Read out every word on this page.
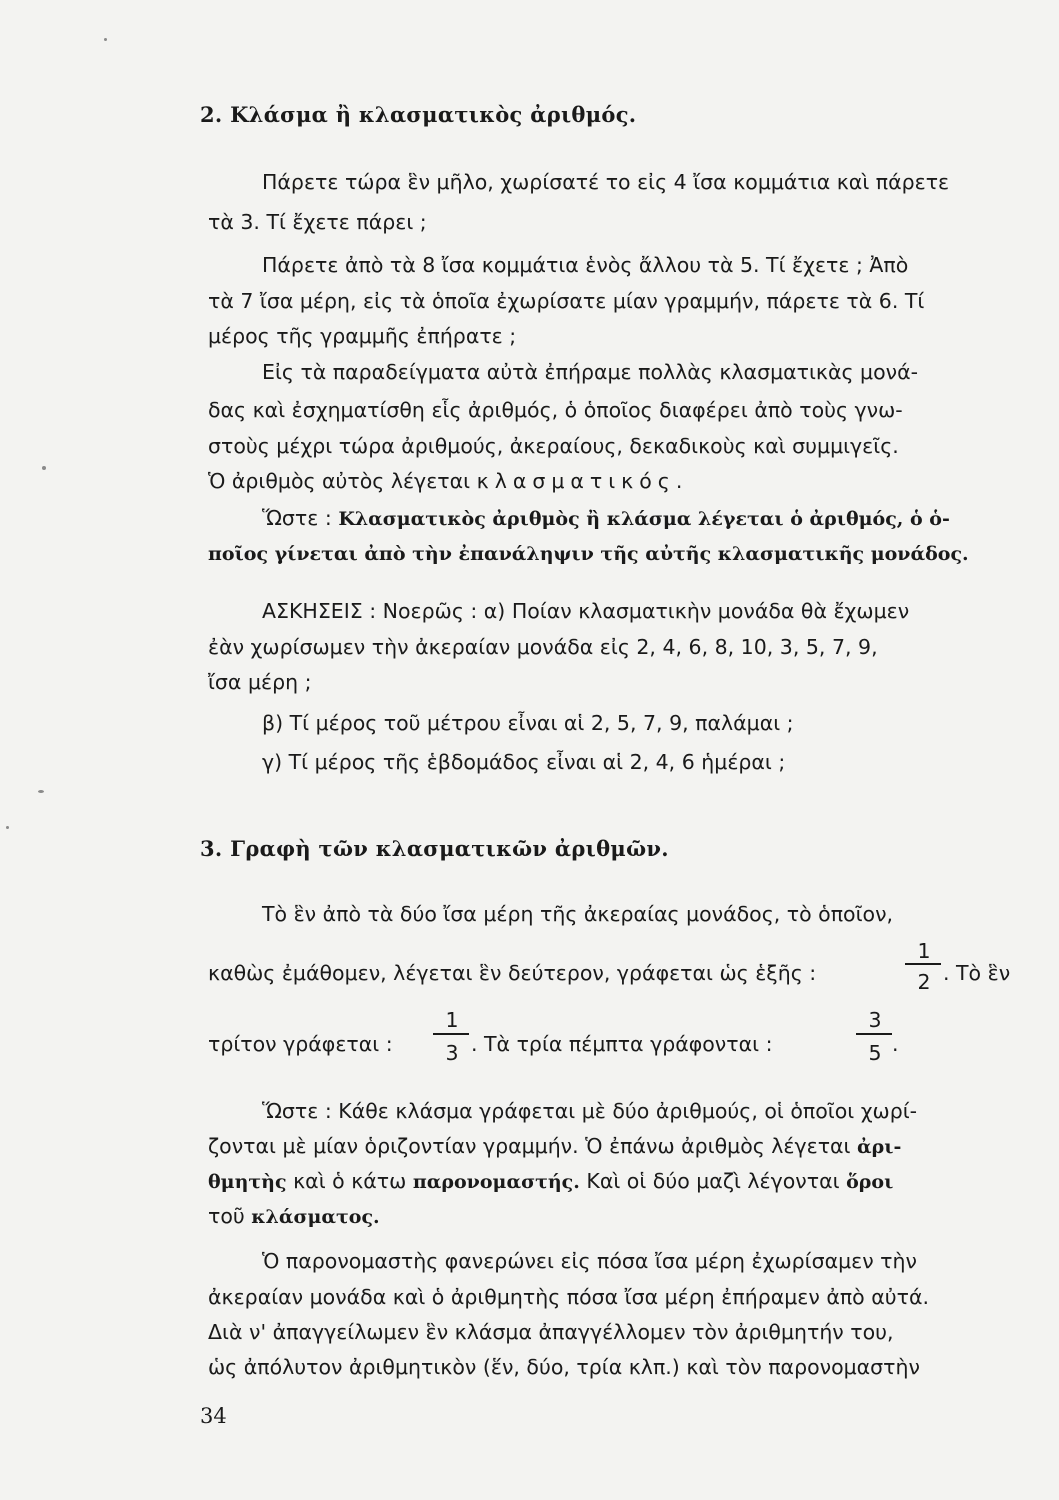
2. Κλάσμα ἢ κλασματικὸς ἀριθμός.
Πάρετε τώρα ἓν μῆλο, χωρίσατέ το εἰς 4 ἴσα κομμάτια καὶ πάρετε
τὰ 3. Τί ἔχετε πάρει ;
Πάρετε ἀπὸ τὰ 8 ἴσα κομμάτια ἑνὸς ἄλλου τὰ 5. Τί ἔχετε ; Ἀπὸ
τὰ 7 ἴσα μέρη, εἰς τὰ ὁποῖα ἐχωρίσατε μίαν γραμμήν, πάρετε τὰ 6. Τί
μέρος τῆς γραμμῆς ἐπήρατε ;
Εἰς τὰ παραδείγματα αὐτὰ ἐπήραμε πολλὰς κλασματικὰς μονά-
δας καὶ ἐσχηματίσθη εἷς ἀριθμός, ὁ ὁποῖος διαφέρει ἀπὸ τοὺς γνω-
στοὺς μέχρι τώρα ἀριθμούς, ἀκεραίους, δεκαδικοὺς καὶ συμμιγεῖς.
Ὁ ἀριθμὸς αὐτὸς λέγεται κλασματικός.
Ὥστε : Κλασματικὸς ἀριθμὸς ἢ κλάσμα λέγεται ὁ ἀριθμός, ὁ ὁ-
ποῖος γίνεται ἀπὸ τὴν ἐπανάληψιν τῆς αὐτῆς κλασματικῆς μονάδος.
ΑΣΚΗΣΕΙΣ : Νοερῶς : α) Ποίαν κλασματικὴν μονάδα θὰ ἔχωμεν
ἐὰν χωρίσωμεν τὴν ἀκεραίαν μονάδα εἰς 2, 4, 6, 8, 10, 3, 5, 7, 9,
ἴσα μέρη ;
β) Τί μέρος τοῦ μέτρου εἶναι αἱ 2, 5, 7, 9, παλάμαι ;
γ) Τί μέρος τῆς ἑβδομάδος εἶναι αἱ 2, 4, 6 ἡμέραι ;
3. Γραφὴ τῶν κλασματικῶν ἀριθμῶν.
Τὸ ἓν ἀπὸ τὰ δύο ἴσα μέρη τῆς ἀκεραίας μονάδος, τὸ ὁποῖον,
καθὼς ἐμάθομεν, λέγεται ἓν δεύτερον, γράφεται ὡς ἑξῆς :
1
2 . Τὸ ἓν
τρίτον γράφεται :
1
3 . Τὰ τρία πέμπτα γράφονται :
3
5 .
Ὥστε : Κάθε κλάσμα γράφεται μὲ δύο ἀριθμούς, οἱ ὁποῖοι χωρί-
ζονται μὲ μίαν ὁριζοντίαν γραμμήν. Ὁ ἐπάνω ἀριθμὸς λέγεται ἀρι-
θμητὴς καὶ ὁ κάτω παρονομαστής. Καὶ οἱ δύο μαζὶ λέγονται ὅροι
τοῦ κλάσματος.
Ὁ παρονομαστὴς φανερώνει εἰς πόσα ἴσα μέρη ἐχωρίσαμεν τὴν
ἀκεραίαν μονάδα καὶ ὁ ἀριθμητὴς πόσα ἴσα μέρη ἐπήραμεν ἀπὸ αὐτά.
Διὰ ν' ἀπαγγείλωμεν ἓν κλάσμα ἀπαγγέλλομεν τὸν ἀριθμητήν του,
ὡς ἀπόλυτον ἀριθμητικὸν (ἕν, δύο, τρία κλπ.) καὶ τὸν παρονομαστὴν
34
